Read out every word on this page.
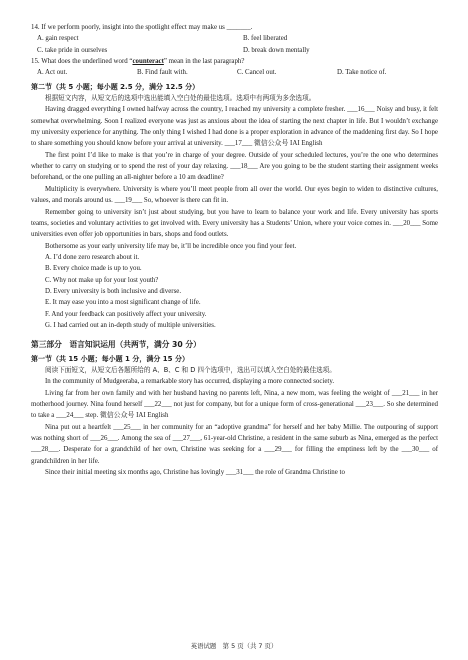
14. If we perform poorly, insight into the spotlight effect may make us _______.

A. gain respect	B. feel liberated
C. take pride in ourselves	D. break down mentally

15. What does the underlined word “counteract” mean in the last paragraph?

A. Act out.	B. Find fault with.	C. Cancel out.	D. Take notice of.

第二节（共 5 小题；每小题 2.5 分，满分 12.5 分）

根据短文内容，从短文后的选项中选出能填入空白处的最佳选项。选项中有两项为多余选项。

Having dragged everything I owned halfway across the country, I reached my university a complete fresher. ___16___ Noisy and busy, it felt somewhat overwhelming. Soon I realized everyone was just as anxious about the idea of starting the next chapter in life. But I wouldn’t exchange my university experience for anything. The only thing I wished I had done is a proper exploration in advance of the maddening first day. So I hope to share something you should know before your arrival at university. ___17___ 微信公众号 IAI English

The first point I’d like to make is that you’re in charge of your degree. Outside of your scheduled lectures, you’re the one who determines whether to carry on studying or to spend the rest of your day relaxing. ___18___ Are you going to be the student starting their assignment weeks beforehand, or the one pulling an all-nighter before a 10 am deadline?

Multiplicity is everywhere. University is where you’ll meet people from all over the world. Our eyes begin to widen to distinctive cultures, values, and morals around us. ___19___ So, whoever is there can fit in.

Remember going to university isn’t just about studying, but you have to learn to balance your work and life. Every university has sports teams, societies and voluntary activities to get involved with. Every university has a Students’ Union, where your voice comes in. ___20___ Some universities even offer job opportunities in bars, shops and food outlets.

Bothersome as your early university life may be, it’ll be incredible once you find your feet.

A. I’d done zero research about it.
B. Every choice made is up to you.
C. Why not make up for your lost youth?
D. Every university is both inclusive and diverse.
E. It may ease you into a most significant change of life.
F. And your feedback can positively affect your university.
G. I had carried out an in-depth study of multiple universities.

第三部分　语言知识运用（共两节，满分 30 分）

第一节（共 15 小题；每小题 1 分，满分 15 分）

阅读下面短文，从短文后各题所给的 A、B、C 和 D 四个选项中，选出可以填入空白处的最佳选项。

In the community of Mudgeeraba, a remarkable story has occurred, displaying a more connected society.

Living far from her own family and with her husband having no parents left, Nina, a new mom, was feeling the weight of ___21___ in her motherhood journey. Nina found herself ___22___ not just for company, but for a unique form of cross-generational ___23___. So she determined to take a ___24___ step. 微信公众号 IAI English

Nina put out a heartfelt ___25___ in her community for an “adoptive grandma” for herself and her baby Millie. The outpouring of support was nothing short of ___26___. Among the sea of ___27___, 61-year-old Christine, a resident in the same suburb as Nina, emerged as the perfect ___28___. Desperate for a grandchild of her own, Christine was seeking for a ___29___ for filling the emptiness left by the ___30___ of grandchildren in her life.

Since their initial meeting six months ago, Christine has lovingly ___31___ the role of Grandma Christine to

英语试题　第 5 页（共 7 页）
